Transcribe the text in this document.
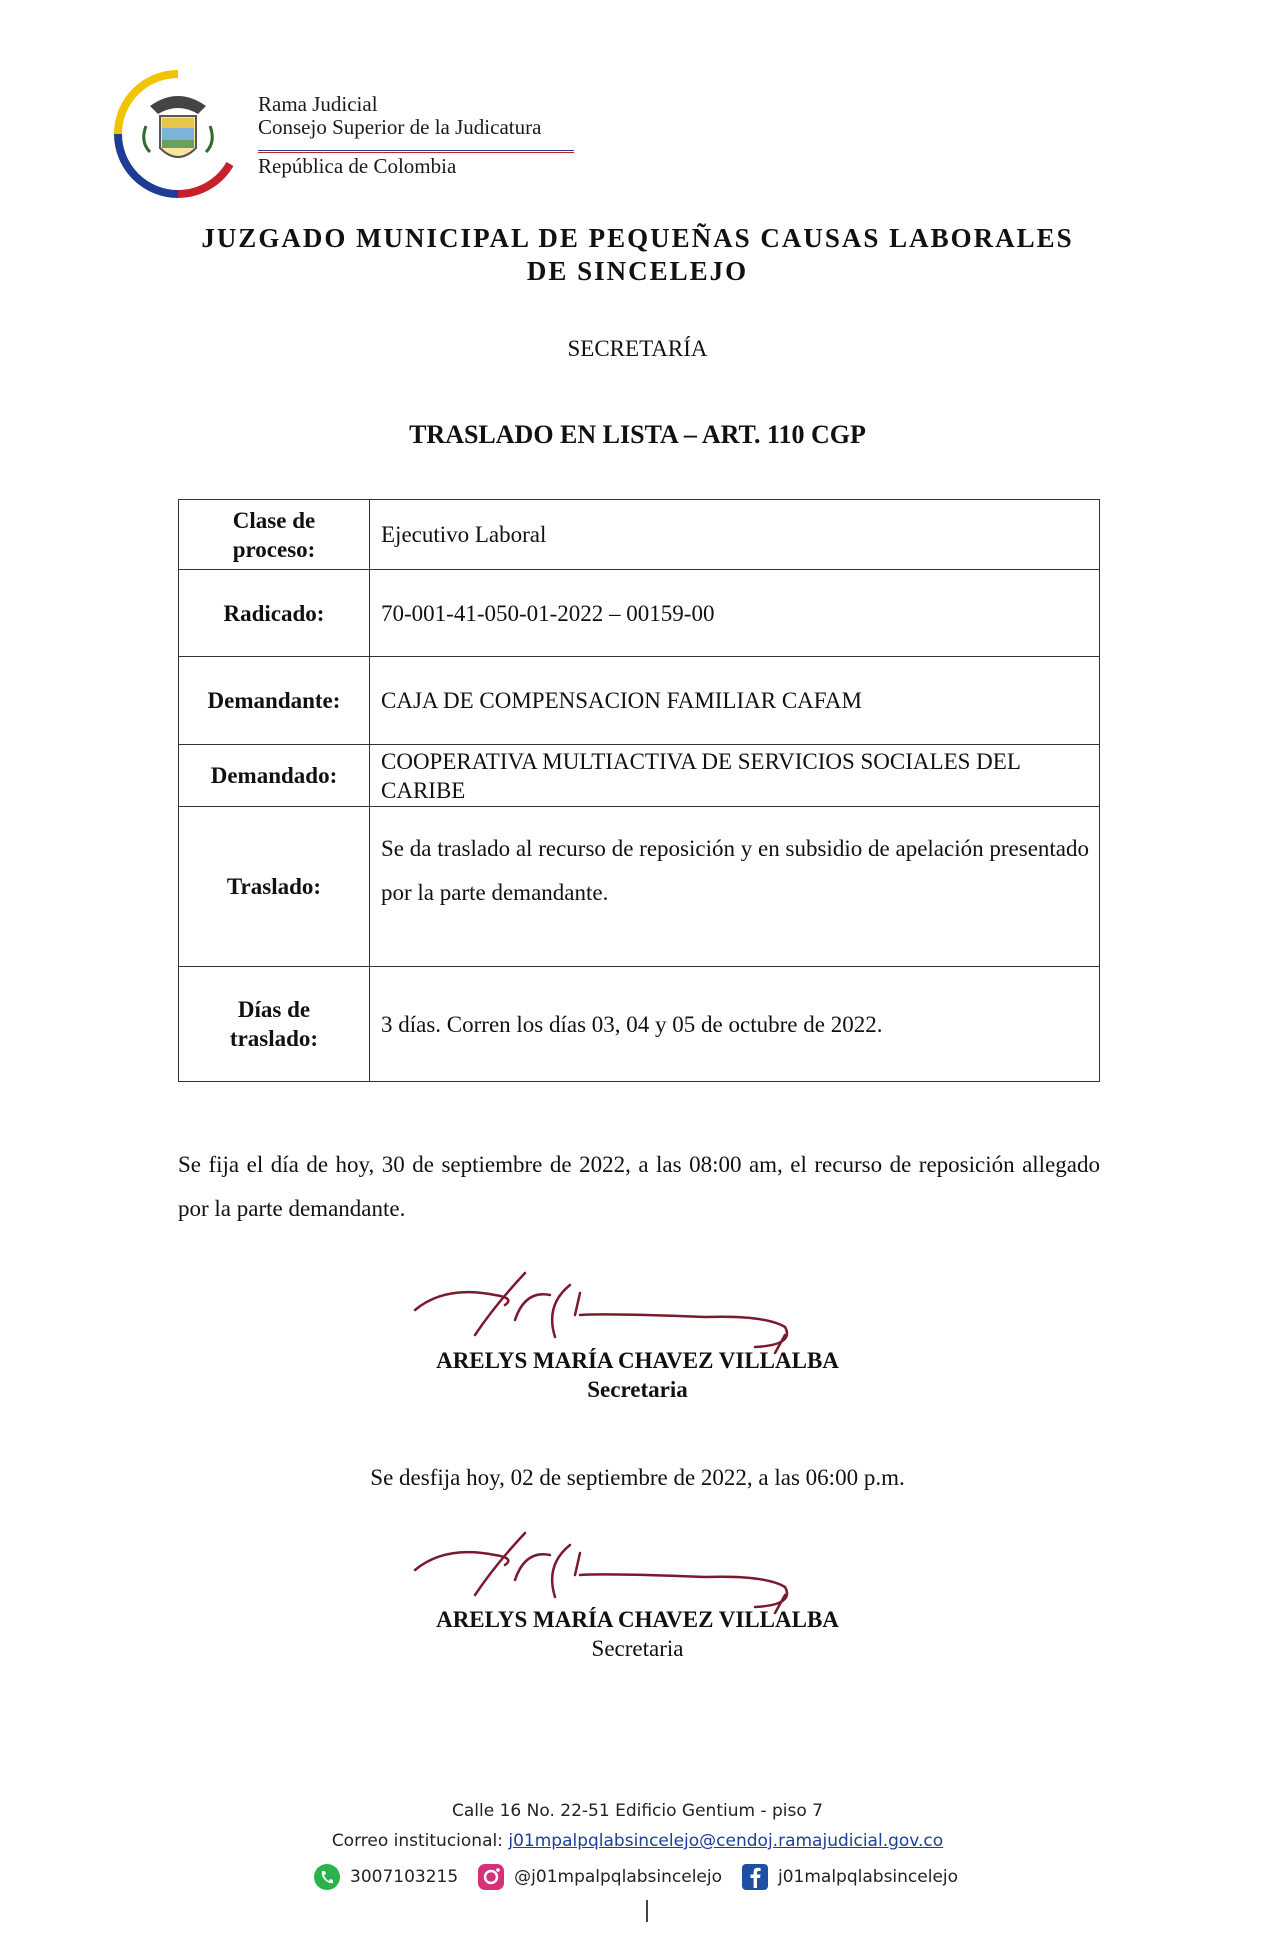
Rama Judicial
Consejo Superior de la Judicatura
República de Colombia
JUZGADO MUNICIPAL DE PEQUEÑAS CAUSAS LABORALES
DE SINCELEJO
SECRETARÍA
TRASLADO EN LISTA – ART. 110 CGP
Clase de
proceso:	Ejecutivo Laboral
Radicado:	70-001-41-050-01-2022 – 00159-00
Demandante:	CAJA DE COMPENSACION FAMILIAR CAFAM
Demandado:	COOPERATIVA MULTIACTIVA DE SERVICIOS SOCIALES DEL
CARIBE

Traslado:	Se da traslado al recurso de reposición y en subsidio de apelación presentado por la parte demandante.

Días de
traslado:	3 días. Corren los días 03, 04 y 05 de octubre de 2022.
Se fija el día de hoy, 30 de septiembre de 2022, a las 08:00 am, el recurso de reposición allegado por la parte demandante.
ARELYS MARÍA CHAVEZ VILLALBA
Secretaria
Se desfija hoy, 02 de septiembre de 2022, a las 06:00 p.m.
ARELYS MARÍA CHAVEZ VILLALBA
Secretaria
Calle 16 No. 22-51 Edificio Gentium - piso 7
Correo institucional: j01mpalpqlabsincelejo@cendoj.ramajudicial.gov.co
3007103215	@j01mpalpqlabsincelejo	j01malpqlabsincelejo
